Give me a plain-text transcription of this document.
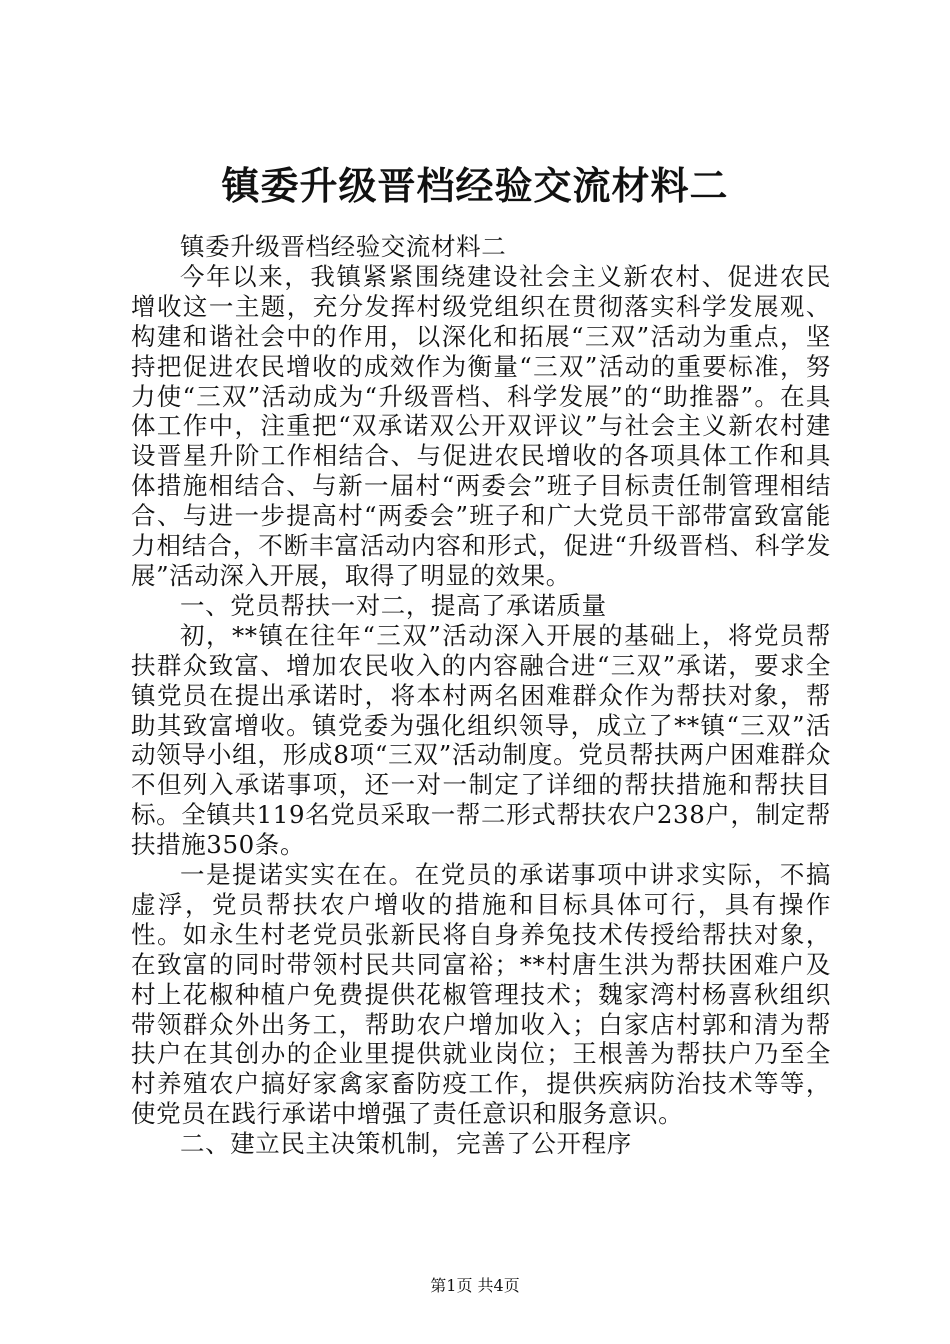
镇委升级晋档经验交流材料二

镇委升级晋档经验交流材料二

今年以来，我镇紧紧围绕建设社会主义新农村、促进农民增收这一主题，充分发挥村级党组织在贯彻落实科学发展观、构建和谐社会中的作用，以深化和拓展“三双”活动为重点，坚持把促进农民增收的成效作为衡量“三双”活动的重要标准，努力使“三双”活动成为“升级晋档、科学发展”的“助推器”。在具体工作中，注重把“双承诺双公开双评议”与社会主义新农村建设晋星升阶工作相结合、与促进农民增收的各项具体工作和具体措施相结合、与新一届村“两委会”班子目标责任制管理相结合、与进一步提高村“两委会”班子和广大党员干部带富致富能力相结合，不断丰富活动内容和形式，促进“升级晋档、科学发展”活动深入开展，取得了明显的效果。

一、党员帮扶一对二，提高了承诺质量

初，**镇在往年“三双”活动深入开展的基础上，将党员帮扶群众致富、增加农民收入的内容融合进“三双”承诺，要求全镇党员在提出承诺时，将本村两名困难群众作为帮扶对象，帮助其致富增收。镇党委为强化组织领导，成立了**镇“三双”活动领导小组，形成8项“三双”活动制度。党员帮扶两户困难群众不但列入承诺事项，还一对一制定了详细的帮扶措施和帮扶目标。全镇共119名党员采取一帮二形式帮扶农户238户，制定帮扶措施350条。

一是提诺实实在在。在党员的承诺事项中讲求实际，不搞虚浮，党员帮扶农户增收的措施和目标具体可行，具有操作性。如永生村老党员张新民将自身养兔技术传授给帮扶对象，在致富的同时带领村民共同富裕；**村唐生洪为帮扶困难户及村上花椒种植户免费提供花椒管理技术；魏家湾村杨喜秋组织带领群众外出务工，帮助农户增加收入；白家店村郭和清为帮扶户在其创办的企业里提供就业岗位；王根善为帮扶户乃至全村养殖农户搞好家禽家畜防疫工作，提供疾病防治技术等等，使党员在践行承诺中增强了责任意识和服务意识。

二、建立民主决策机制，完善了公开程序

第1页 共4页
